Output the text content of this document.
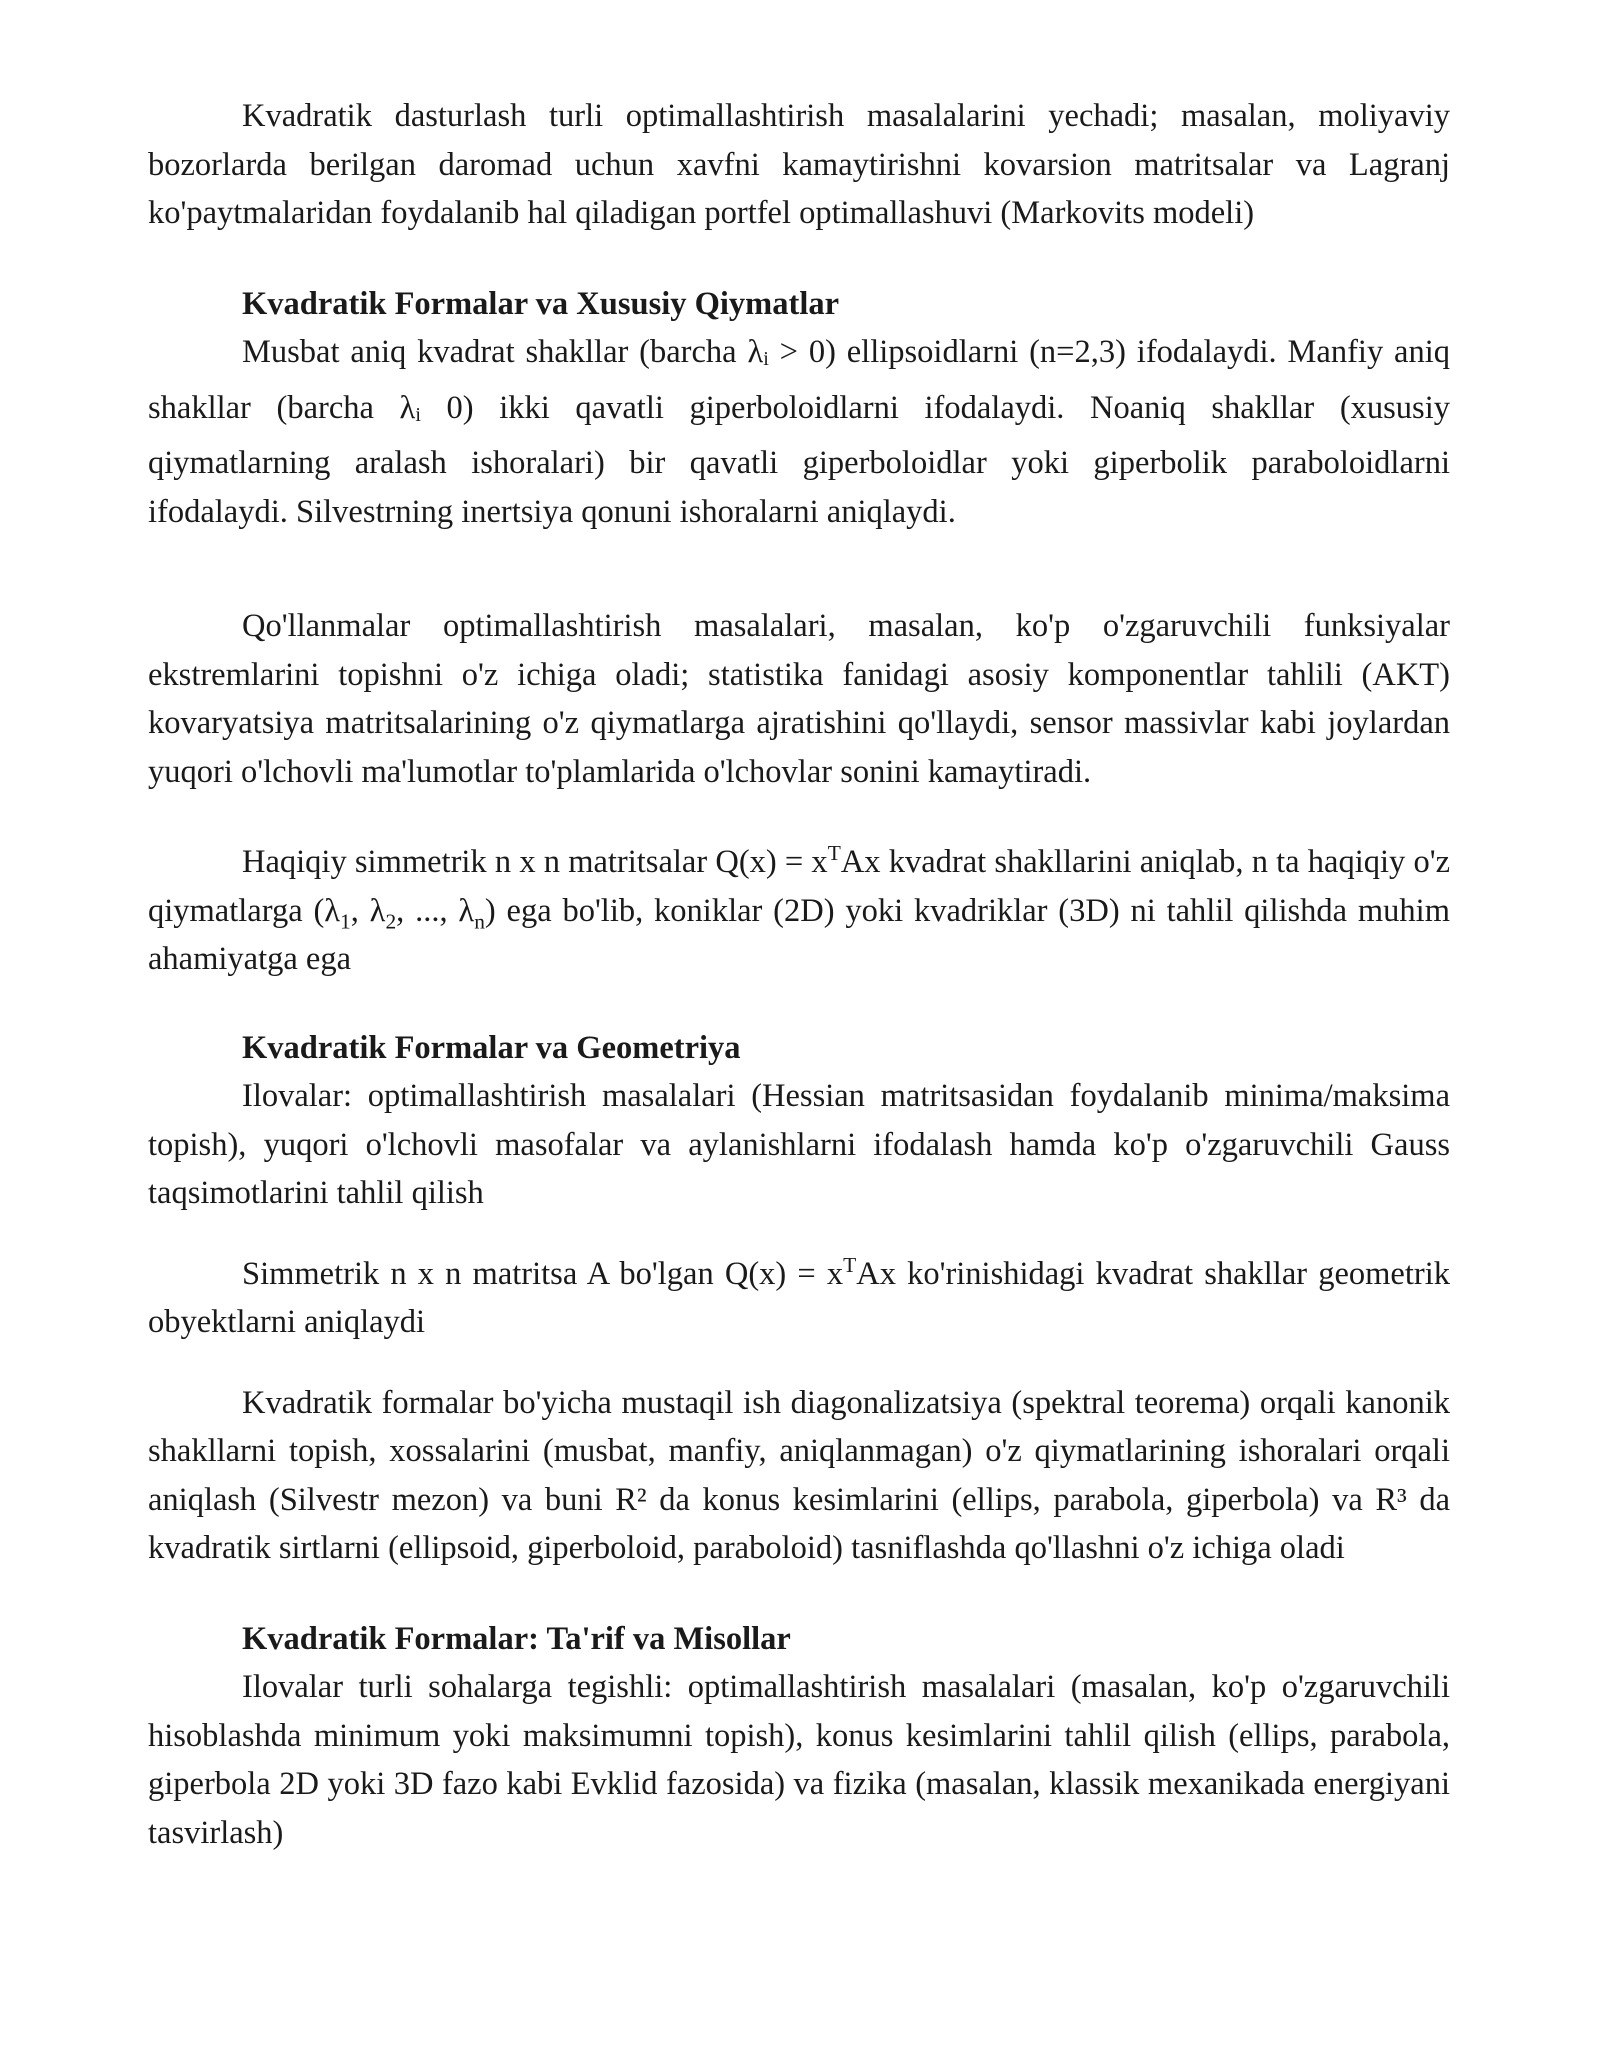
Kvadratik dasturlash turli optimallashtirish masalalarini yechadi; masalan, moliyaviy bozorlarda berilgan daromad uchun xavfni kamaytirishni kovarsion matritsalar va Lagranj ko'paytmalaridan foydalanib hal qiladigan portfel optimallashuvi (Markovits modeli)

Kvadratik Formalar va Xususiy Qiymatlar

Musbat aniq kvadrat shakllar (barcha λi > 0) ellipsoidlarni (n=2,3) ifodalaydi. Manfiy aniq shakllar (barcha λi 0) ikki qavatli giperboloidlarni ifodalaydi. Noaniq shakllar (xususiy qiymatlarning aralash ishoralari) bir qavatli giperboloidlar yoki giperbolik paraboloidlarni ifodalaydi. Silvestrning inertsiya qonuni ishoralarni aniqlaydi.

Qo'llanmalar optimallashtirish masalalari, masalan, ko'p o'zgaruvchili funksiyalar ekstremlarini topishni o'z ichiga oladi; statistika fanidagi asosiy komponentlar tahlili (AKT) kovaryatsiya matritsalarining o'z qiymatlarga ajratishini qo'llaydi, sensor massivlar kabi joylardan yuqori o'lchovli ma'lumotlar to'plamlarida o'lchovlar sonini kamaytiradi.

Haqiqiy simmetrik n x n matritsalar $Q(x) = x^TAx$ kvadrat shakllarini aniqlab, n ta haqiqiy o'z qiymatlarga ($\lambda_1$, $\lambda_2$, ..., $\lambda_n$) ega bo'lib, koniklar (2D) yoki kvadriklar (3D) ni tahlil qilishda muhim ahamiyatga ega

Kvadratik Formalar va Geometriya

Ilovalar: optimallashtirish masalalari (Hessian matritsasidan foydalanib minima/maksima topish), yuqori o'lchovli masofalar va aylanishlarni ifodalash hamda ko'p o'zgaruvchili Gauss taqsimotlarini tahlil qilish

Simmetrik n x n matritsa A bo'lgan $Q(x) = x^TAx$ ko'rinishidagi kvadrat shakllar geometrik obyektlarni aniqlaydi

Kvadratik formalar bo'yicha mustaqil ish diagonalizatsiya (spektral teorema) orqali kanonik shakllarni topish, xossalarini (musbat, manfiy, aniqlanmagan) o'z qiymatlarining ishoralari orqali aniqlash (Silvestr mezon) va buni R² da konus kesimlarini (ellips, parabola, giperbola) va R³ da kvadratik sirtlarni (ellipsoid, giperboloid, paraboloid) tasniflashda qo'llashni o'z ichiga oladi

Kvadratik Formalar: Ta'rif va Misollar

Ilovalar turli sohalarga tegishli: optimallashtirish masalalari (masalan, ko'p o'zgaruvchili hisoblashda minimum yoki maksimumni topish), konus kesimlarini tahlil qilish (ellips, parabola, giperbola 2D yoki 3D fazo kabi Evklid fazosida) va fizika (masalan, klassik mexanikada energiyani tasvirlash)
